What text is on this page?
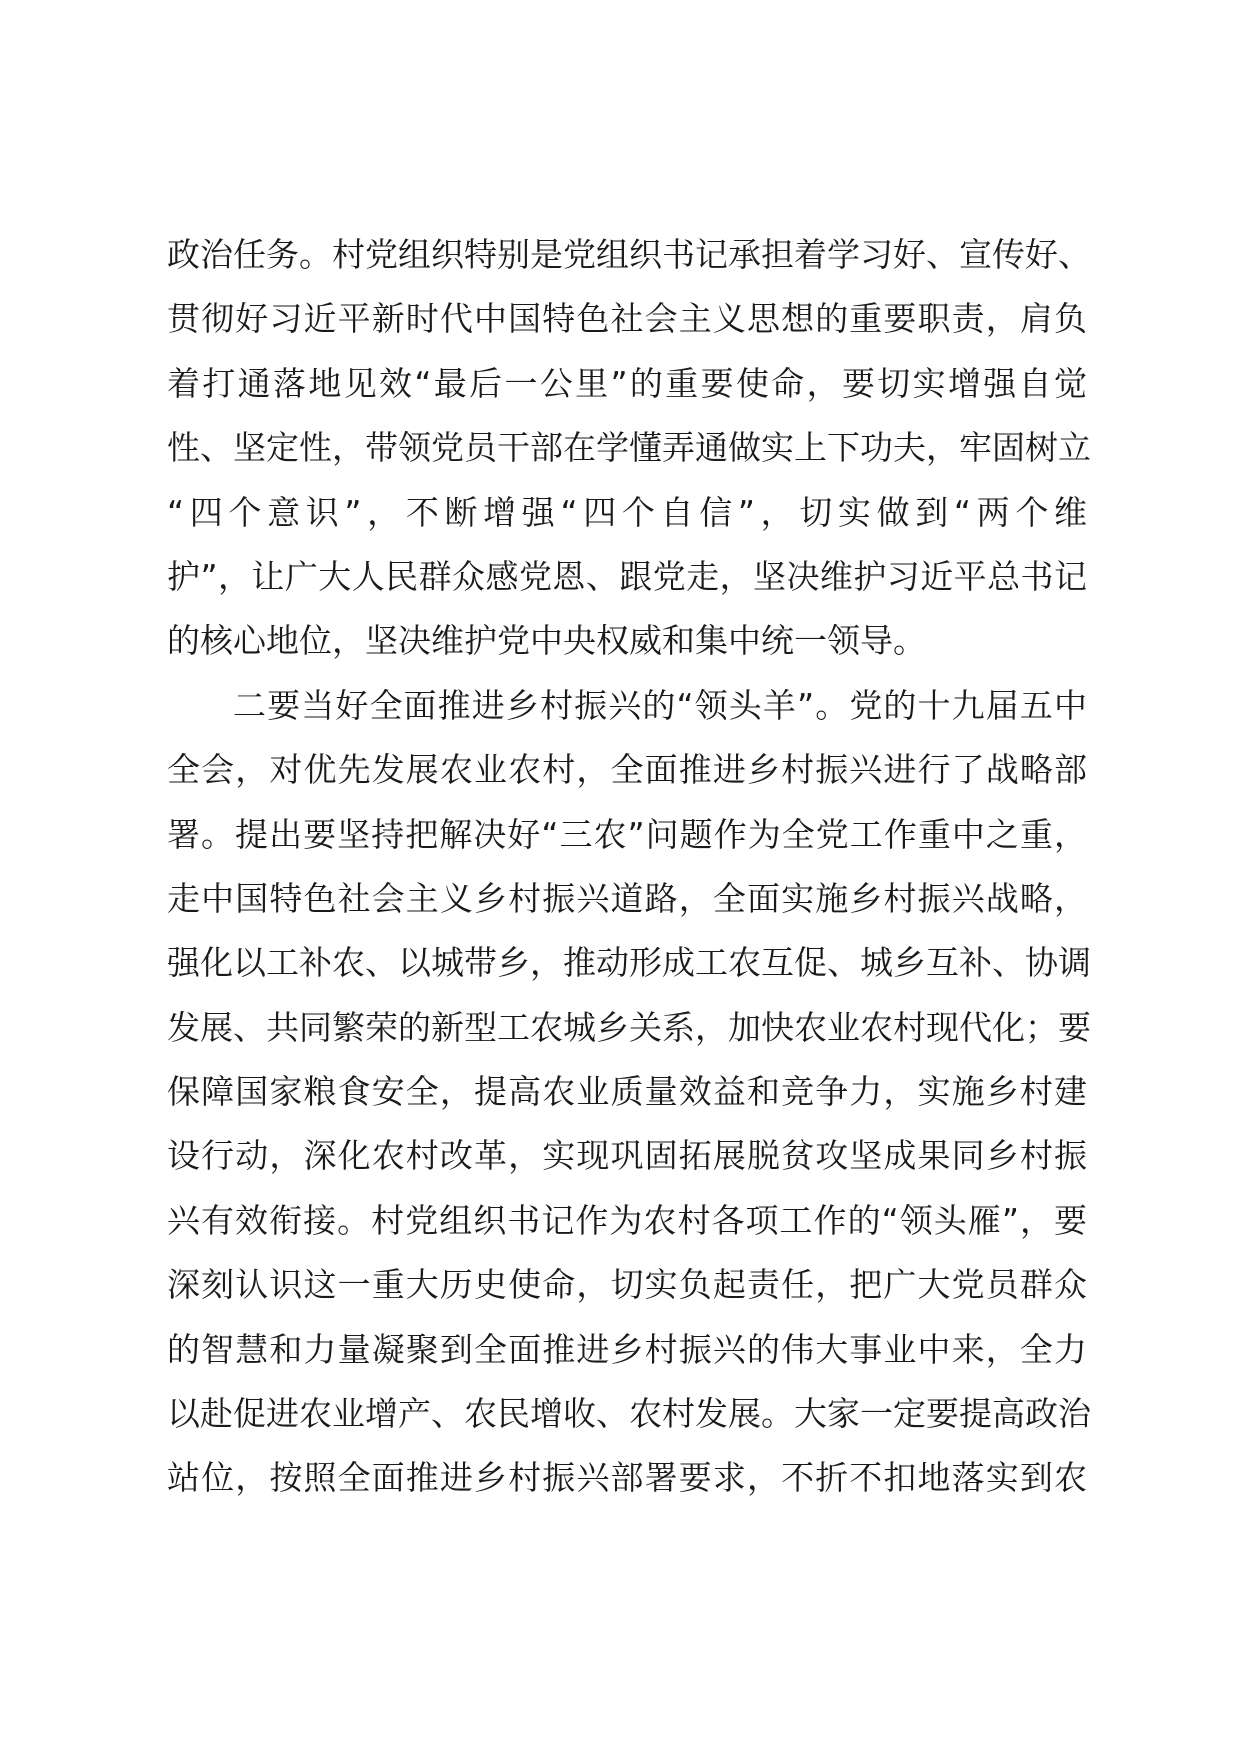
政治任务。村党组织特别是党组织书记承担着学习好、宣传好、
贯彻好习近平新时代中国特色社会主义思想的重要职责，肩负
着打通落地见效“最后一公里”的重要使命，要切实增强自觉
性、坚定性，带领党员干部在学懂弄通做实上下功夫，牢固树立
“四个意识”，不断增强“四个自信”，切实做到“两个维
护”，让广大人民群众感党恩、跟党走，坚决维护习近平总书记
的核心地位，坚决维护党中央权威和集中统一领导。
二要当好全面推进乡村振兴的“领头羊”。党的十九届五中
全会，对优先发展农业农村，全面推进乡村振兴进行了战略部
署。提出要坚持把解决好“三农”问题作为全党工作重中之重，
走中国特色社会主义乡村振兴道路，全面实施乡村振兴战略，
强化以工补农、以城带乡，推动形成工农互促、城乡互补、协调
发展、共同繁荣的新型工农城乡关系，加快农业农村现代化；要
保障国家粮食安全，提高农业质量效益和竞争力，实施乡村建
设行动，深化农村改革，实现巩固拓展脱贫攻坚成果同乡村振
兴有效衔接。村党组织书记作为农村各项工作的“领头雁”，要
深刻认识这一重大历史使命，切实负起责任，把广大党员群众
的智慧和力量凝聚到全面推进乡村振兴的伟大事业中来，全力
以赴促进农业增产、农民增收、农村发展。大家一定要提高政治
站位，按照全面推进乡村振兴部署要求，不折不扣地落实到农
